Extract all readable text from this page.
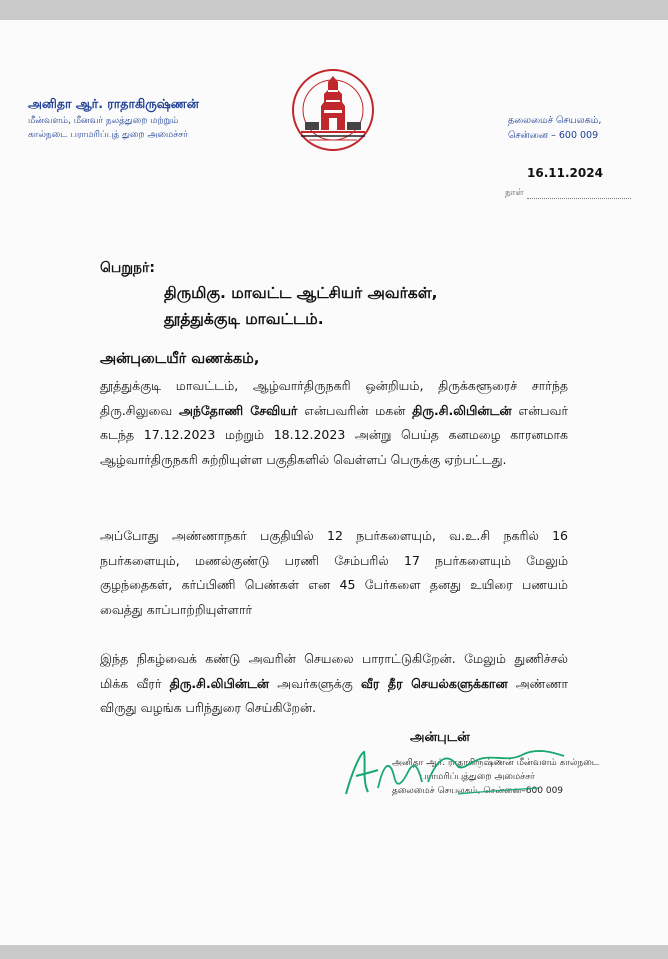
அனிதா ஆர். ராதாகிருஷ்ணன்
மீன்வளம், மீனவர் நலத்துறை மற்றும்
கால்நடை பராமரிப்புத் துறை அமைச்சர்
தலைமைச் செயலகம்,
சென்னை – 600 009
16.11.2024
நாள்
பெறுநர்:
திருமிகு. மாவட்ட ஆட்சியர் அவர்கள்,
தூத்துக்குடி மாவட்டம்.
அன்புடையீர் வணக்கம்,
தூத்துக்குடி மாவட்டம், ஆழ்வார்திருநகரி ஒன்றியம், திருக்களூரைச் சார்ந்த திரு.சிலுவை அந்தோணி சேவியர் என்பவரின் மகன் திரு.சி.லிபின்டன் என்பவர் கடந்த 17.12.2023 மற்றும் 18.12.2023 அன்று பெய்த கனமழை காரனமாக ஆழ்வார்திருநகரி சுற்றியுள்ள பகுதிகளில் வெள்ளப் பெருக்கு ஏற்பட்டது.
அப்போது அண்ணாநகர் பகுதியில் 12 நபர்களையும், வ.உ.சி நகரில் 16 நபர்களையும், மணல்குண்டு பரணி சேம்பரில் 17 நபர்களையும் மேலும் குழந்தைகள், கர்ப்பிணி பெண்கள் என 45 பேர்களை தனது உயிரை பணயம் வைத்து காப்பாற்றியுள்ளார்
இந்த நிகழ்வைக் கண்டு அவரின் செயலை பாராட்டுகிறேன். மேலும் துணிச்சல் மிக்க வீரர் திரு.சி.லிபின்டன் அவர்களுக்கு வீர தீர செயல்களுக்கான அண்ணா விருது வழங்க பரிந்துரை செய்கிறேன்.
அன்புடன்
அனிதா ஆர். ராதாகிருஷ்ணன் மீன்வளம் கால்நடை
பராமரிப்புத்துறை அமைச்சர்
தலைமைச் செயலகம், சென்னை–600 009
